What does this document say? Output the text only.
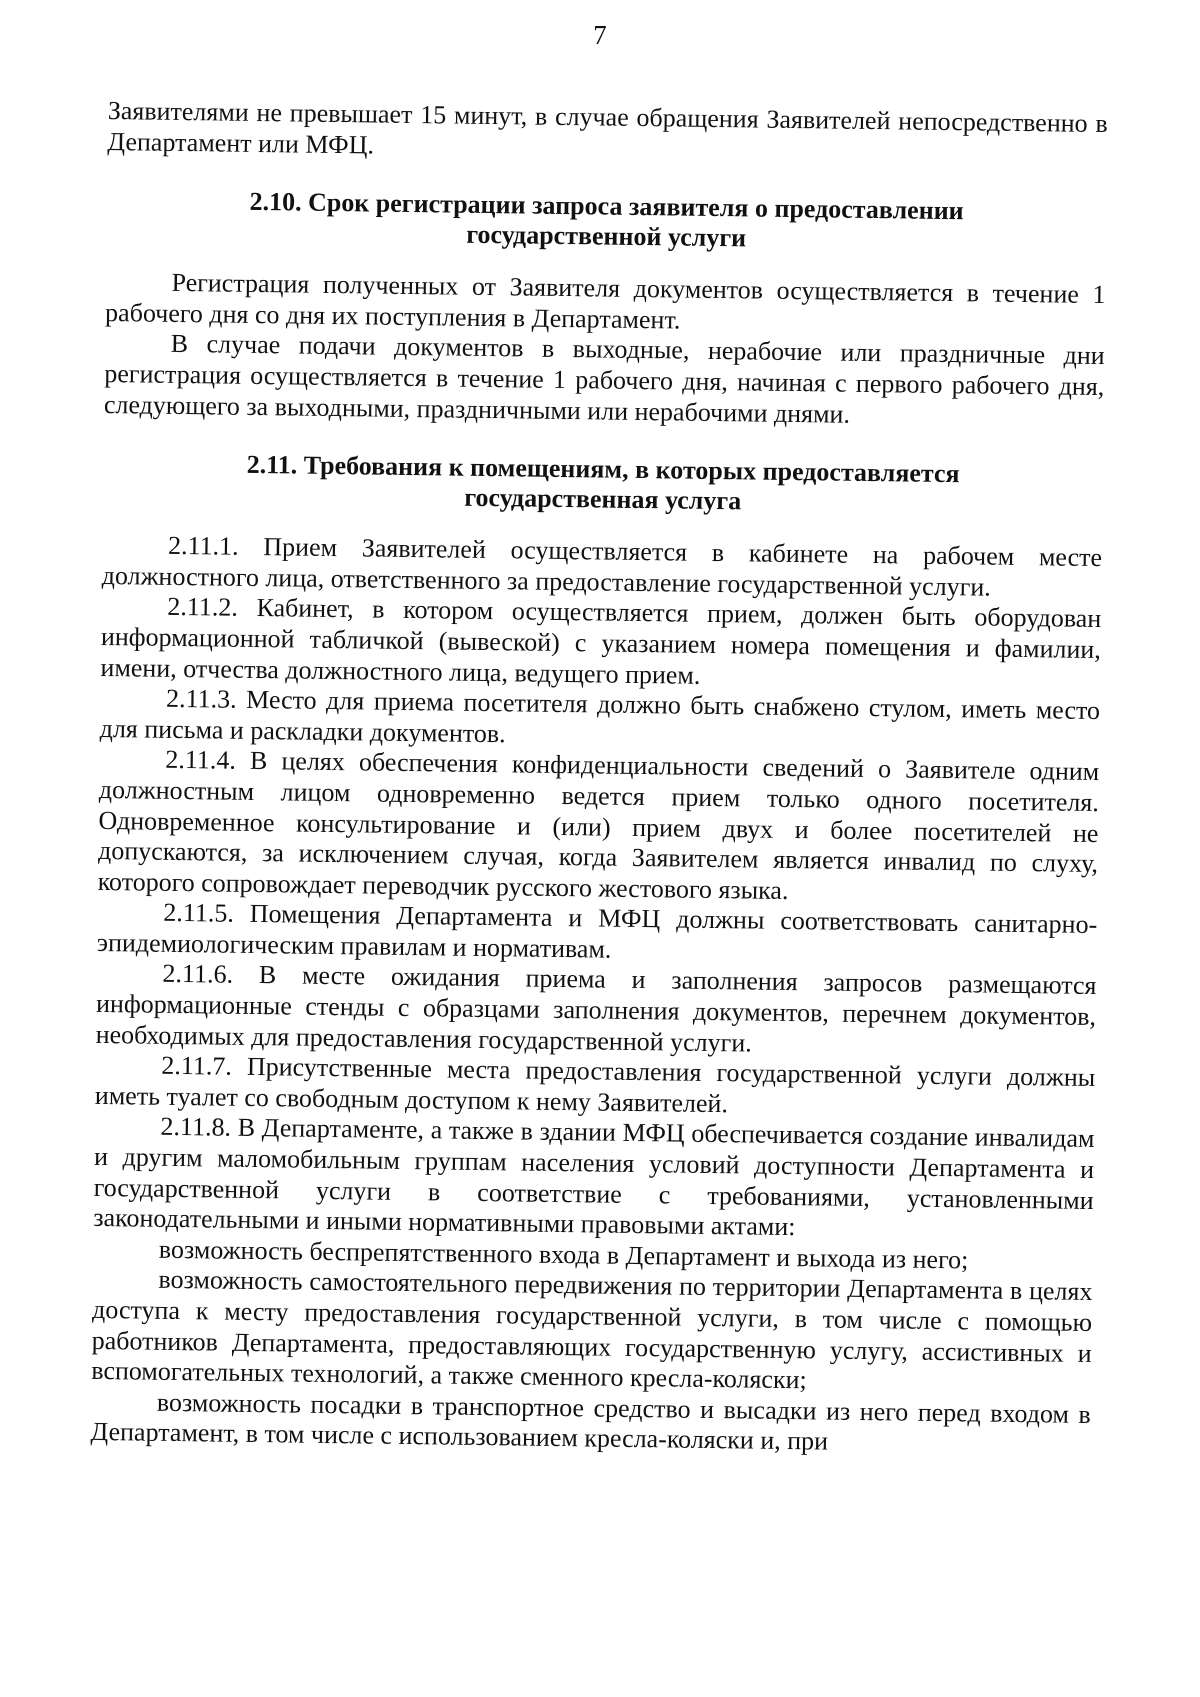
7

Заявителями не превышает 15 минут, в случае обращения Заявителей непосредственно в Департамент или МФЦ.

2.10. Срок регистрации запроса заявителя о предоставлении
государственной услуги

Регистрация полученных от Заявителя документов осуществляется в течение 1 рабочего дня со дня их поступления в Департамент.

В случае подачи документов в выходные, нерабочие или праздничные дни регистрация осуществляется в течение 1 рабочего дня, начиная с первого рабочего дня, следующего за выходными, праздничными или нерабочими днями.

2.11. Требования к помещениям, в которых предоставляется
государственная услуга

2.11.1. Прием Заявителей осуществляется в кабинете на рабочем месте должностного лица, ответственного за предоставление государственной услуги.

2.11.2. Кабинет, в котором осуществляется прием, должен быть оборудован информационной табличкой (вывеской) с указанием номера помещения и фамилии, имени, отчества должностного лица, ведущего прием.

2.11.3. Место для приема посетителя должно быть снабжено стулом, иметь место для письма и раскладки документов.

2.11.4. В целях обеспечения конфиденциальности сведений о Заявителе одним должностным лицом одновременно ведется прием только одного посетителя. Одновременное консультирование и (или) прием двух и более посетителей не допускаются, за исключением случая, когда Заявителем является инвалид по слуху, которого сопровождает переводчик русского жестового языка.

2.11.5. Помещения Департамента и МФЦ должны соответствовать санитарно-эпидемиологическим правилам и нормативам.

2.11.6. В месте ожидания приема и заполнения запросов размещаются информационные стенды с образцами заполнения документов, перечнем документов, необходимых для предоставления государственной услуги.

2.11.7. Присутственные места предоставления государственной услуги должны иметь туалет со свободным доступом к нему Заявителей.

2.11.8. В Департаменте, а также в здании МФЦ обеспечивается создание инвалидам и другим маломобильным группам населения условий доступности Департамента и государственной услуги в соответствие с требованиями, установленными законодательными и иными нормативными правовыми актами:

возможность беспрепятственного входа в Департамент и выхода из него;

возможность самостоятельного передвижения по территории Департамента в целях доступа к месту предоставления государственной услуги, в том числе с помощью работников Департамента, предоставляющих государственную услугу, ассистивных и вспомогательных технологий, а также сменного кресла-коляски;

возможность посадки в транспортное средство и высадки из него перед входом в Департамент, в том числе с использованием кресла-коляски и, при
